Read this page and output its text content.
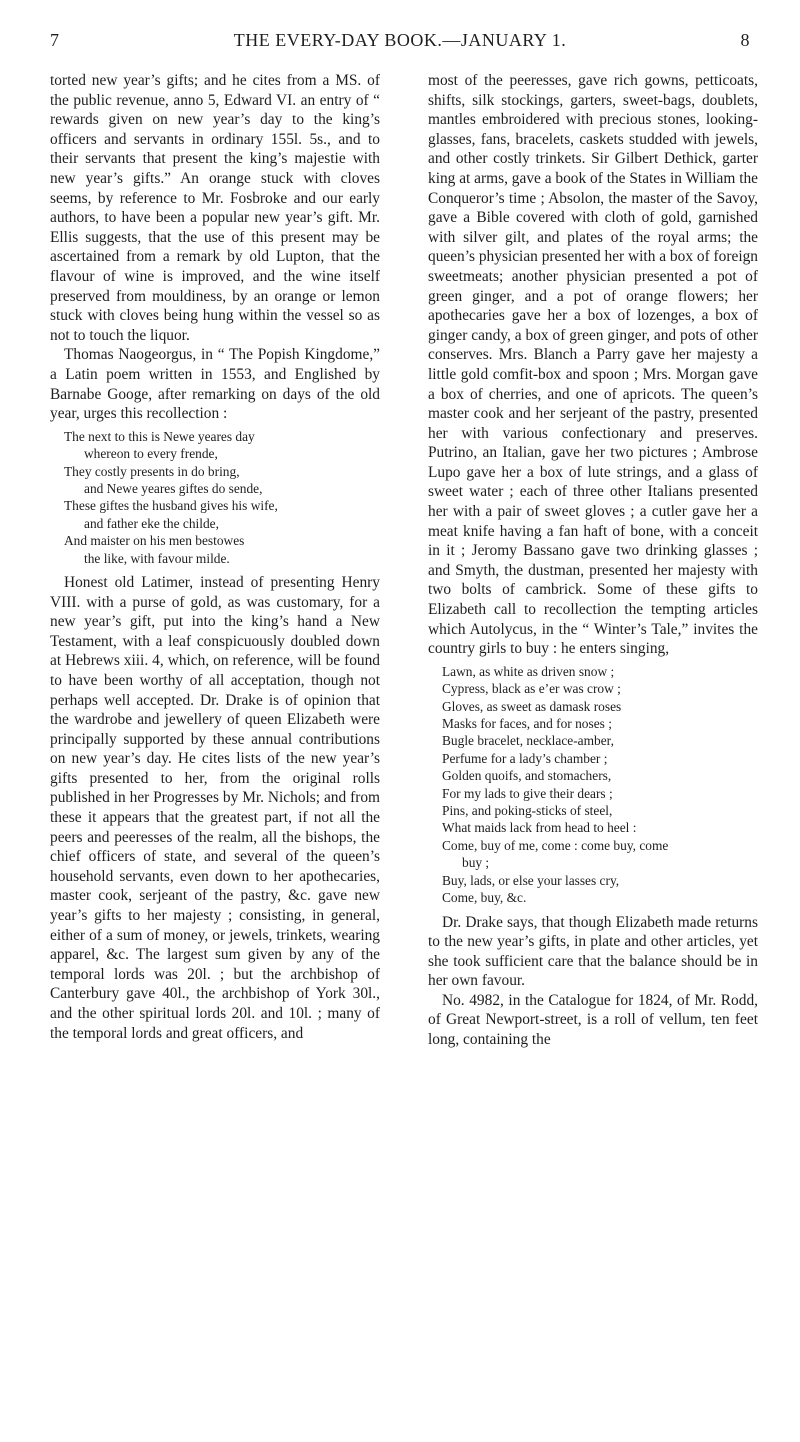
7	THE EVERY-DAY BOOK.—JANUARY 1.	8

torted new year’s gifts; and he cites from a MS. of the public revenue, anno 5, Edward VI. an entry of “ rewards given on new year’s day to the king’s officers and servants in ordinary 155l. 5s., and to their servants that present the king’s majestie with new year’s gifts.” An orange stuck with cloves seems, by reference to Mr. Fosbroke and our early authors, to have been a popular new year’s gift. Mr. Ellis suggests, that the use of this present may be ascertained from a remark by old Lupton, that the flavour of wine is improved, and the wine itself preserved from mouldiness, by an orange or lemon stuck with cloves being hung within the vessel so as not to touch the liquor.

Thomas Naogeorgus, in “ The Popish Kingdome,” a Latin poem written in 1553, and Englished by Barnabe Googe, after remarking on days of the old year, urges this recollection :

The next to this is Newe yeares day
whereon to every frende,
They costly presents in do bring,
and Newe yeares giftes do sende,
These giftes the husband gives his wife,
and father eke the childe,
And maister on his men bestowes
the like, with favour milde.

Honest old Latimer, instead of presenting Henry VIII. with a purse of gold, as was customary, for a new year’s gift, put into the king’s hand a New Testament, with a leaf conspicuously doubled down at Hebrews xiii. 4, which, on reference, will be found to have been worthy of all acceptation, though not perhaps well accepted. Dr. Drake is of opinion that the wardrobe and jewellery of queen Elizabeth were principally supported by these annual contributions on new year’s day. He cites lists of the new year’s gifts presented to her, from the original rolls published in her Progresses by Mr. Nichols; and from these it appears that the greatest part, if not all the peers and peeresses of the realm, all the bishops, the chief officers of state, and several of the queen’s household servants, even down to her apothecaries, master cook, serjeant of the pastry, &c. gave new year’s gifts to her majesty ; consisting, in general, either of a sum of money, or jewels, trinkets, wearing apparel, &c. The largest sum given by any of the temporal lords was 20l. ; but the archbishop of Canterbury gave 40l., the archbishop of York 30l., and the other spiritual lords 20l. and 10l. ; many of the temporal lords and great officers, and

most of the peeresses, gave rich gowns, petticoats, shifts, silk stockings, garters, sweet-bags, doublets, mantles embroidered with precious stones, looking-glasses, fans, bracelets, caskets studded with jewels, and other costly trinkets. Sir Gilbert Dethick, garter king at arms, gave a book of the States in William the Conqueror’s time ; Absolon, the master of the Savoy, gave a Bible covered with cloth of gold, garnished with silver gilt, and plates of the royal arms; the queen’s physician presented her with a box of foreign sweetmeats; another physician presented a pot of green ginger, and a pot of orange flowers; her apothecaries gave her a box of lozenges, a box of ginger candy, a box of green ginger, and pots of other conserves. Mrs. Blanch a Parry gave her majesty a little gold comfit-box and spoon ; Mrs. Morgan gave a box of cherries, and one of apricots. The queen’s master cook and her serjeant of the pastry, presented her with various confectionary and preserves. Putrino, an Italian, gave her two pictures ; Ambrose Lupo gave her a box of lute strings, and a glass of sweet water ; each of three other Italians presented her with a pair of sweet gloves ; a cutler gave her a meat knife having a fan haft of bone, with a conceit in it ; Jeromy Bassano gave two drinking glasses ; and Smyth, the dustman, presented her majesty with two bolts of cambrick. Some of these gifts to Elizabeth call to recollection the tempting articles which Autolycus, in the “ Winter’s Tale,” invites the country girls to buy : he enters singing,

Lawn, as white as driven snow ;
Cypress, black as e’er was crow ;
Gloves, as sweet as damask roses
Masks for faces, and for noses ;
Bugle bracelet, necklace-amber,
Perfume for a lady’s chamber ;
Golden quoifs, and stomachers,
For my lads to give their dears ;
Pins, and poking-sticks of steel,
What maids lack from head to heel :
Come, buy of me, come : come buy, come
buy ;
Buy, lads, or else your lasses cry,
Come, buy, &c.

Dr. Drake says, that though Elizabeth made returns to the new year’s gifts, in plate and other articles, yet she took sufficient care that the balance should be in her own favour.

No. 4982, in the Catalogue for 1824, of Mr. Rodd, of Great Newport-street, is a roll of vellum, ten feet long, containing the
